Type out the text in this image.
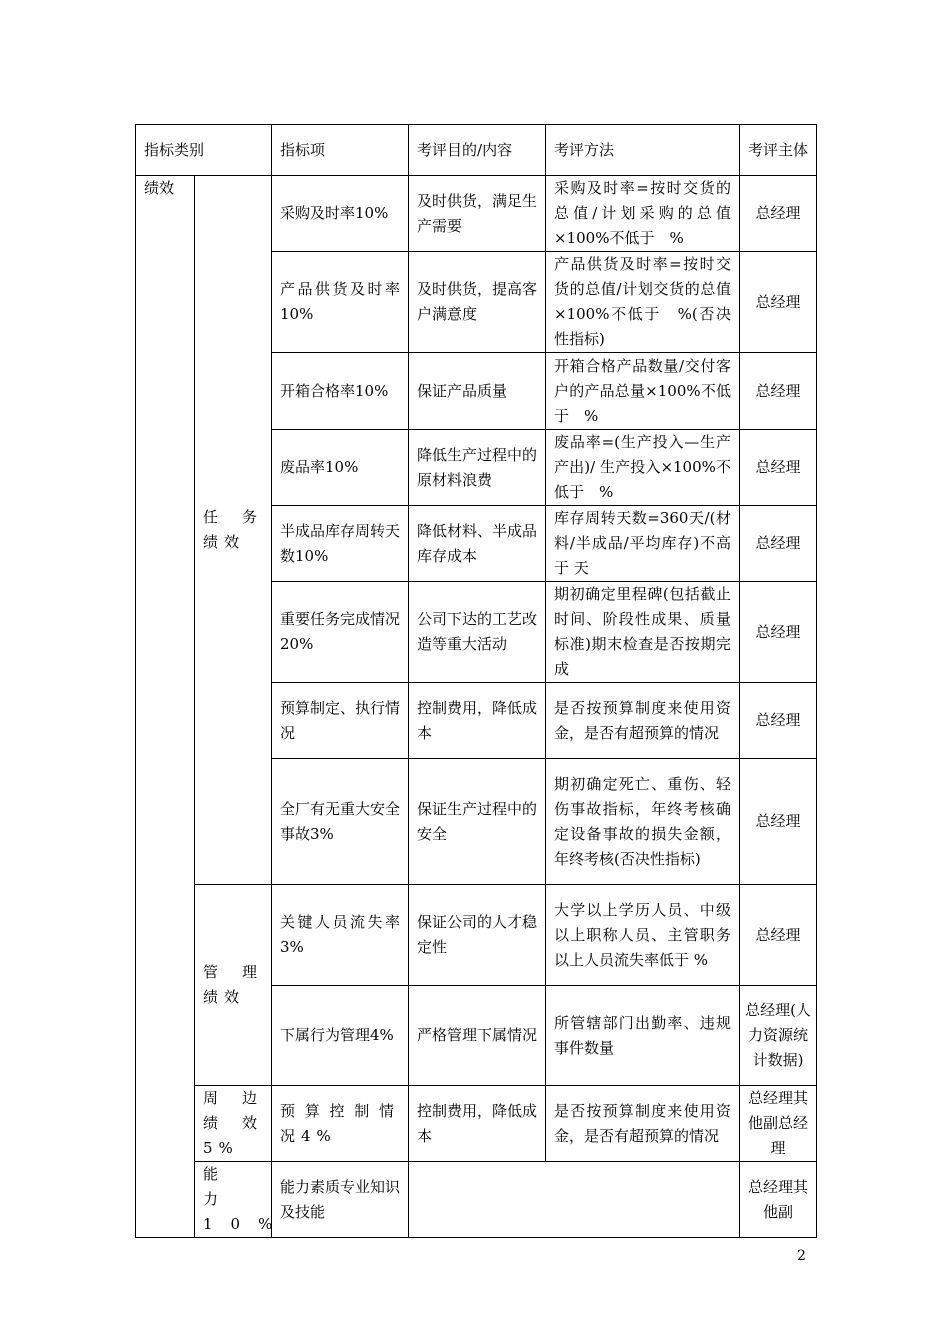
指标类别		指标项	考评目的/内容	考评方法	考评主体
绩效	任务绩效	采购及时率10%	及时供货，满足生产需要	采购及时率=按时交货的总值/计划采购的总值×100%不低于　%	总经理
		产品供货及时率10%	及时供货，提高客户满意度	产品供货及时率=按时交货的总值/计划交货的总值×100%不低于　%(否决性指标)	总经理
		开箱合格率10%	保证产品质量	开箱合格产品数量/交付客户的产品总量×100%不低于　%	总经理
		废品率10%	降低生产过程中的原材料浪费	废品率=(生产投入—生产产出)/ 生产投入×100%不低于　%	总经理
		半成品库存周转天数10%	降低材料、半成品库存成本	库存周转天数=360天/(材料/半成品/平均库存)不高于 天	总经理
		重要任务完成情况20%	公司下达的工艺改造等重大活动	期初确定里程碑(包括截止时间、阶段性成果、质量标准)期末检查是否按期完成	总经理
		预算制定、执行情况	控制费用，降低成本	是否按预算制度来使用资金，是否有超预算的情况	总经理
		全厂有无重大安全事故3%	保证生产过程中的安全	期初确定死亡、重伤、轻伤事故指标，年终考核确定设备事故的损失金额，年终考核(否决性指标)	总经理
	管理绩效	关键人员流失率3%	保证公司的人才稳定性	大学以上学历人员、中级以上职称人员、主管职务以上人员流失率低于 %	总经理
		下属行为管理4%	严格管理下属情况	所管辖部门出勤率、违规事件数量	总经理(人力资源统计数据)
	周边绩效5%	预算控制情况4%	控制费用，降低成本	是否按预算制度来使用资金，是否有超预算的情况	总经理其他副总经理
	能力10%	能力素质专业知识及技能			总经理其他副
2
